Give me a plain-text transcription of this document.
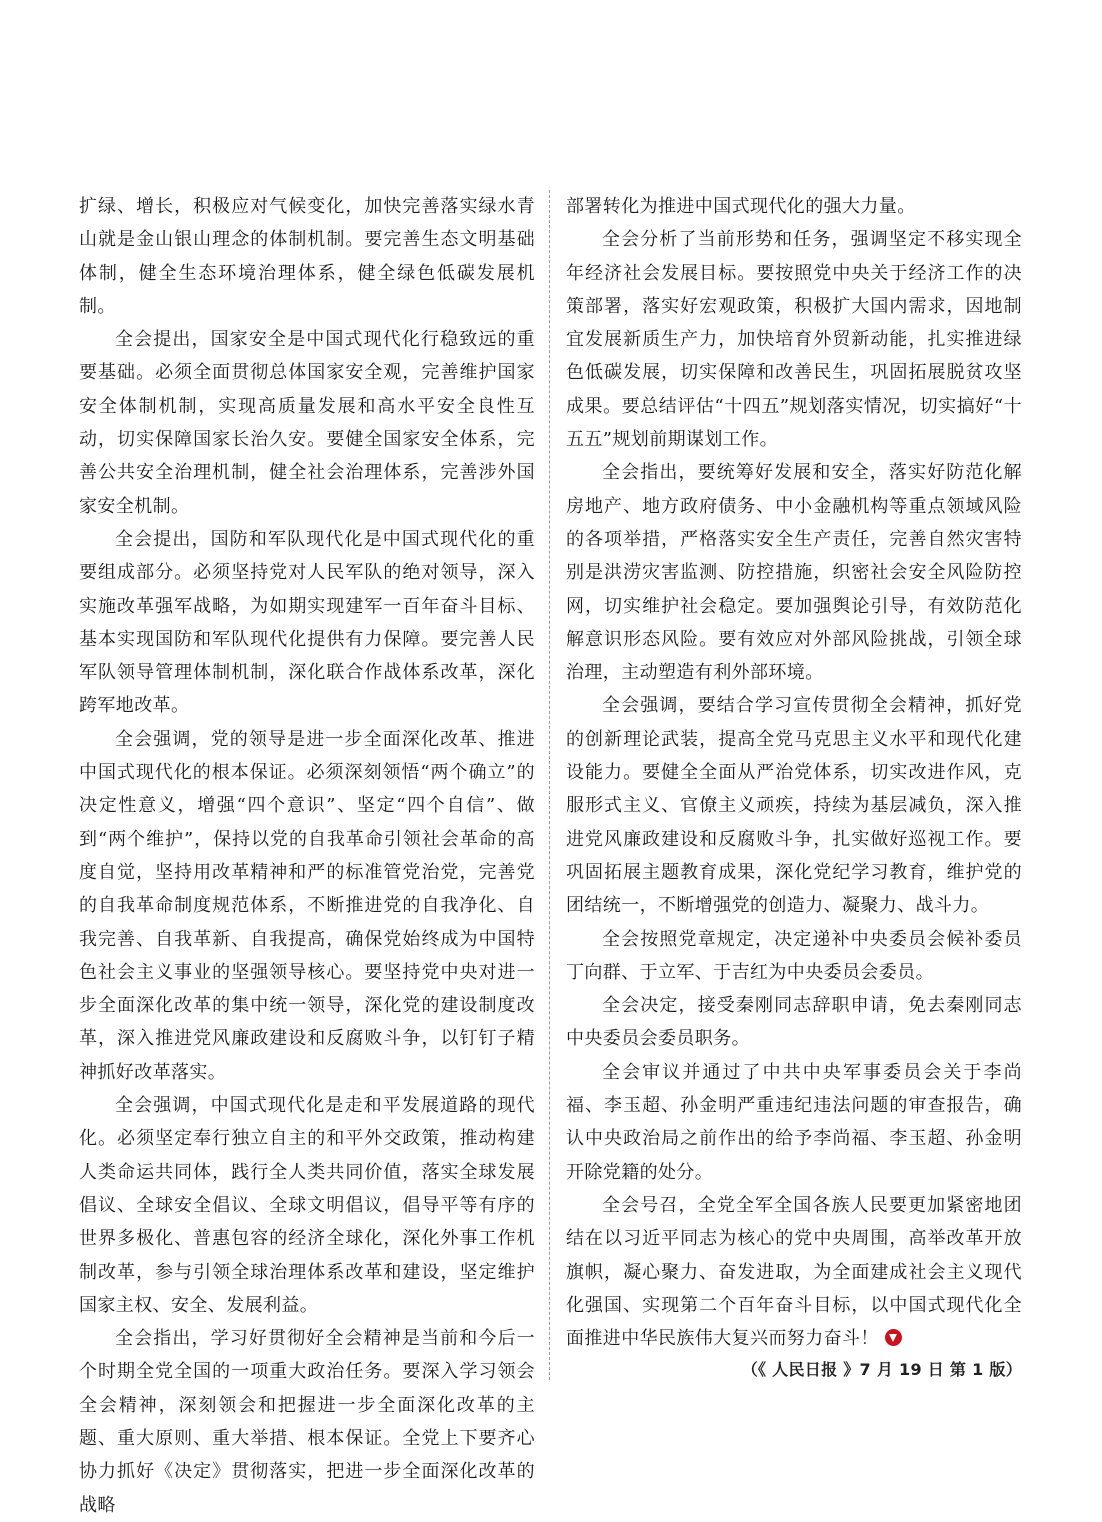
扩绿、增长，积极应对气候变化，加快完善落实绿水青山就是金山银山理念的体制机制。要完善生态文明基础体制，健全生态环境治理体系，健全绿色低碳发展机制。

全会提出，国家安全是中国式现代化行稳致远的重要基础。必须全面贯彻总体国家安全观，完善维护国家安全体制机制，实现高质量发展和高水平安全良性互动，切实保障国家长治久安。要健全国家安全体系，完善公共安全治理机制，健全社会治理体系，完善涉外国家安全机制。

全会提出，国防和军队现代化是中国式现代化的重要组成部分。必须坚持党对人民军队的绝对领导，深入实施改革强军战略，为如期实现建军一百年奋斗目标、基本实现国防和军队现代化提供有力保障。要完善人民军队领导管理体制机制，深化联合作战体系改革，深化跨军地改革。

全会强调，党的领导是进一步全面深化改革、推进中国式现代化的根本保证。必须深刻领悟“两个确立”的决定性意义，增强“四个意识”、坚定“四个自信”、做到“两个维护”，保持以党的自我革命引领社会革命的高度自觉，坚持用改革精神和严的标准管党治党，完善党的自我革命制度规范体系，不断推进党的自我净化、自我完善、自我革新、自我提高，确保党始终成为中国特色社会主义事业的坚强领导核心。要坚持党中央对进一步全面深化改革的集中统一领导，深化党的建设制度改革，深入推进党风廉政建设和反腐败斗争，以钉钉子精神抓好改革落实。

全会强调，中国式现代化是走和平发展道路的现代化。必须坚定奉行独立自主的和平外交政策，推动构建人类命运共同体，践行全人类共同价值，落实全球发展倡议、全球安全倡议、全球文明倡议，倡导平等有序的世界多极化、普惠包容的经济全球化，深化外事工作机制改革，参与引领全球治理体系改革和建设，坚定维护国家主权、安全、发展利益。

全会指出，学习好贯彻好全会精神是当前和今后一个时期全党全国的一项重大政治任务。要深入学习领会全会精神，深刻领会和把握进一步全面深化改革的主题、重大原则、重大举措、根本保证。全党上下要齐心协力抓好《决定》贯彻落实，把进一步全面深化改革的战略

部署转化为推进中国式现代化的强大力量。

全会分析了当前形势和任务，强调坚定不移实现全年经济社会发展目标。要按照党中央关于经济工作的决策部署，落实好宏观政策，积极扩大国内需求，因地制宜发展新质生产力，加快培育外贸新动能，扎实推进绿色低碳发展，切实保障和改善民生，巩固拓展脱贫攻坚成果。要总结评估“十四五”规划落实情况，切实搞好“十五五”规划前期谋划工作。

全会指出，要统筹好发展和安全，落实好防范化解房地产、地方政府债务、中小金融机构等重点领域风险的各项举措，严格落实安全生产责任，完善自然灾害特别是洪涝灾害监测、防控措施，织密社会安全风险防控网，切实维护社会稳定。要加强舆论引导，有效防范化解意识形态风险。要有效应对外部风险挑战，引领全球治理，主动塑造有利外部环境。

全会强调，要结合学习宣传贯彻全会精神，抓好党的创新理论武装，提高全党马克思主义水平和现代化建设能力。要健全全面从严治党体系，切实改进作风，克服形式主义、官僚主义顽疾，持续为基层减负，深入推进党风廉政建设和反腐败斗争，扎实做好巡视工作。要巩固拓展主题教育成果，深化党纪学习教育，维护党的团结统一，不断增强党的创造力、凝聚力、战斗力。

全会按照党章规定，决定递补中央委员会候补委员丁向群、于立军、于吉红为中央委员会委员。

全会决定，接受秦刚同志辞职申请，免去秦刚同志中央委员会委员职务。

全会审议并通过了中共中央军事委员会关于李尚福、李玉超、孙金明严重违纪违法问题的审查报告，确认中央政治局之前作出的给予李尚福、李玉超、孙金明开除党籍的处分。

全会号召，全党全军全国各族人民要更加紧密地团结在以习近平同志为核心的党中央周围，高举改革开放旗帜，凝心聚力、奋发进取，为全面建成社会主义现代化强国、实现第二个百年奋斗目标，以中国式现代化全面推进中华民族伟大复兴而努力奋斗！

（《 人民日报 》7 月 19 日 第 1 版）
